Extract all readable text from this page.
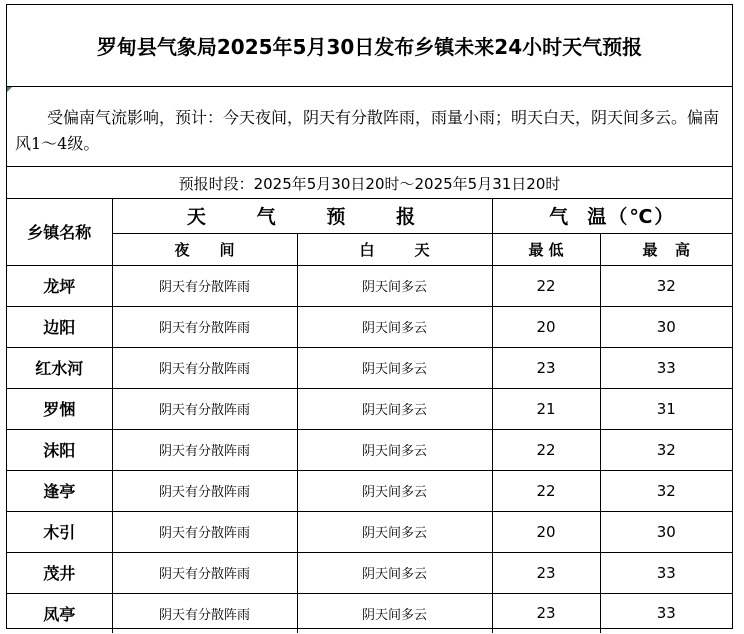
罗甸县气象局2025年5月30日发布乡镇未来24小时天气预报
受偏南气流影响，预计：今天夜间，阴天有分散阵雨，雨量小雨；明天白天，阴天间多云。偏南风1～4级。
预报时段：2025年5月30日20时～2025年5月31日20时
乡镇名称	天 气 预 报		气  温（℃）	

	夜 间	白 天	最 低	最 高

龙坪	阴天有分散阵雨	阴天间多云	22	32
边阳	阴天有分散阵雨	阴天间多云	20	30
红水河	阴天有分散阵雨	阴天间多云	23	33
罗悃	阴天有分散阵雨	阴天间多云	21	31
沫阳	阴天有分散阵雨	阴天间多云	22	32
逢亭	阴天有分散阵雨	阴天间多云	22	32
木引	阴天有分散阵雨	阴天间多云	20	30
茂井	阴天有分散阵雨	阴天间多云	23	33
凤亭	阴天有分散阵雨	阴天间多云	23	33
